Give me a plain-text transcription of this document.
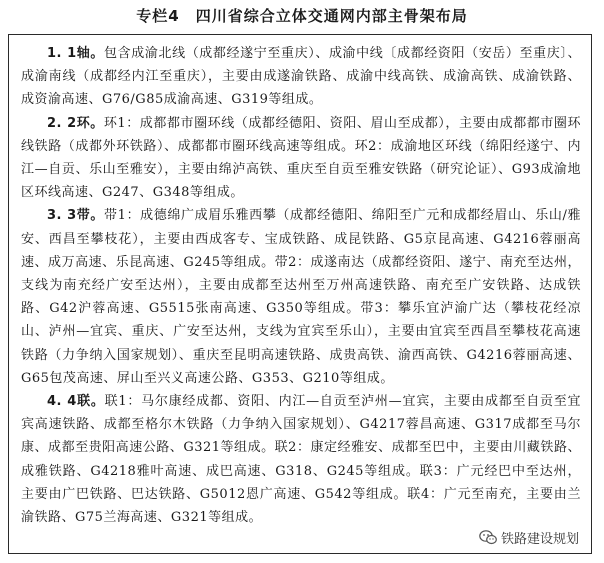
专栏4 四川省综合立体交通网内部主骨架布局

1. 1轴。包含成渝北线（成都经遂宁至重庆）、成渝中线〔成都经资阳（安岳）至重庆〕、成渝南线（成都经内江至重庆），主要由成遂渝铁路、成渝中线高铁、成渝高铁、成渝铁路、成资渝高速、G76/G85成渝高速、G319等组成。

2. 2环。环1：成都都市圈环线（成都经德阳、资阳、眉山至成都），主要由成都都市圈环线铁路（成都外环铁路）、成都都市圈环线高速等组成。环2：成渝地区环线（绵阳经遂宁、内江—自贡、乐山至雅安），主要由绵泸高铁、重庆至自贡至雅安铁路（研究论证）、G93成渝地区环线高速、G247、G348等组成。

3. 3带。带1：成德绵广成眉乐雅西攀（成都经德阳、绵阳至广元和成都经眉山、乐山/雅安、西昌至攀枝花），主要由西成客专、宝成铁路、成昆铁路、G5京昆高速、G4216蓉丽高速、成万高速、乐昆高速、G245等组成。带2：成遂南达（成都经资阳、遂宁、南充至达州，支线为南充经广安至达州），主要由成都至达州至万州高速铁路、南充至广安铁路、达成铁路、G42沪蓉高速、G5515张南高速、G350等组成。带3：攀乐宜泸渝广达（攀枝花经凉山、泸州—宜宾、重庆、广安至达州，支线为宜宾至乐山），主要由宜宾至西昌至攀枝花高速铁路（力争纳入国家规划）、重庆至昆明高速铁路、成贵高铁、渝西高铁、G4216蓉丽高速、G65包茂高速、屏山至兴义高速公路、G353、G210等组成。

4. 4联。联1：马尔康经成都、资阳、内江—自贡至泸州—宜宾，主要由成都至自贡至宜宾高速铁路、成都至格尔木铁路（力争纳入国家规划）、G4217蓉昌高速、G317成都至马尔康、成都至贵阳高速公路、G321等组成。联2：康定经雅安、成都至巴中，主要由川藏铁路、成雅铁路、G4218雅叶高速、成巴高速、G318、G245等组成。联3：广元经巴中至达州，主要由广巴铁路、巴达铁路、G5012恩广高速、G542等组成。联4：广元至南充，主要由兰渝铁路、G75兰海高速、G321等组成。

铁路建设规划
